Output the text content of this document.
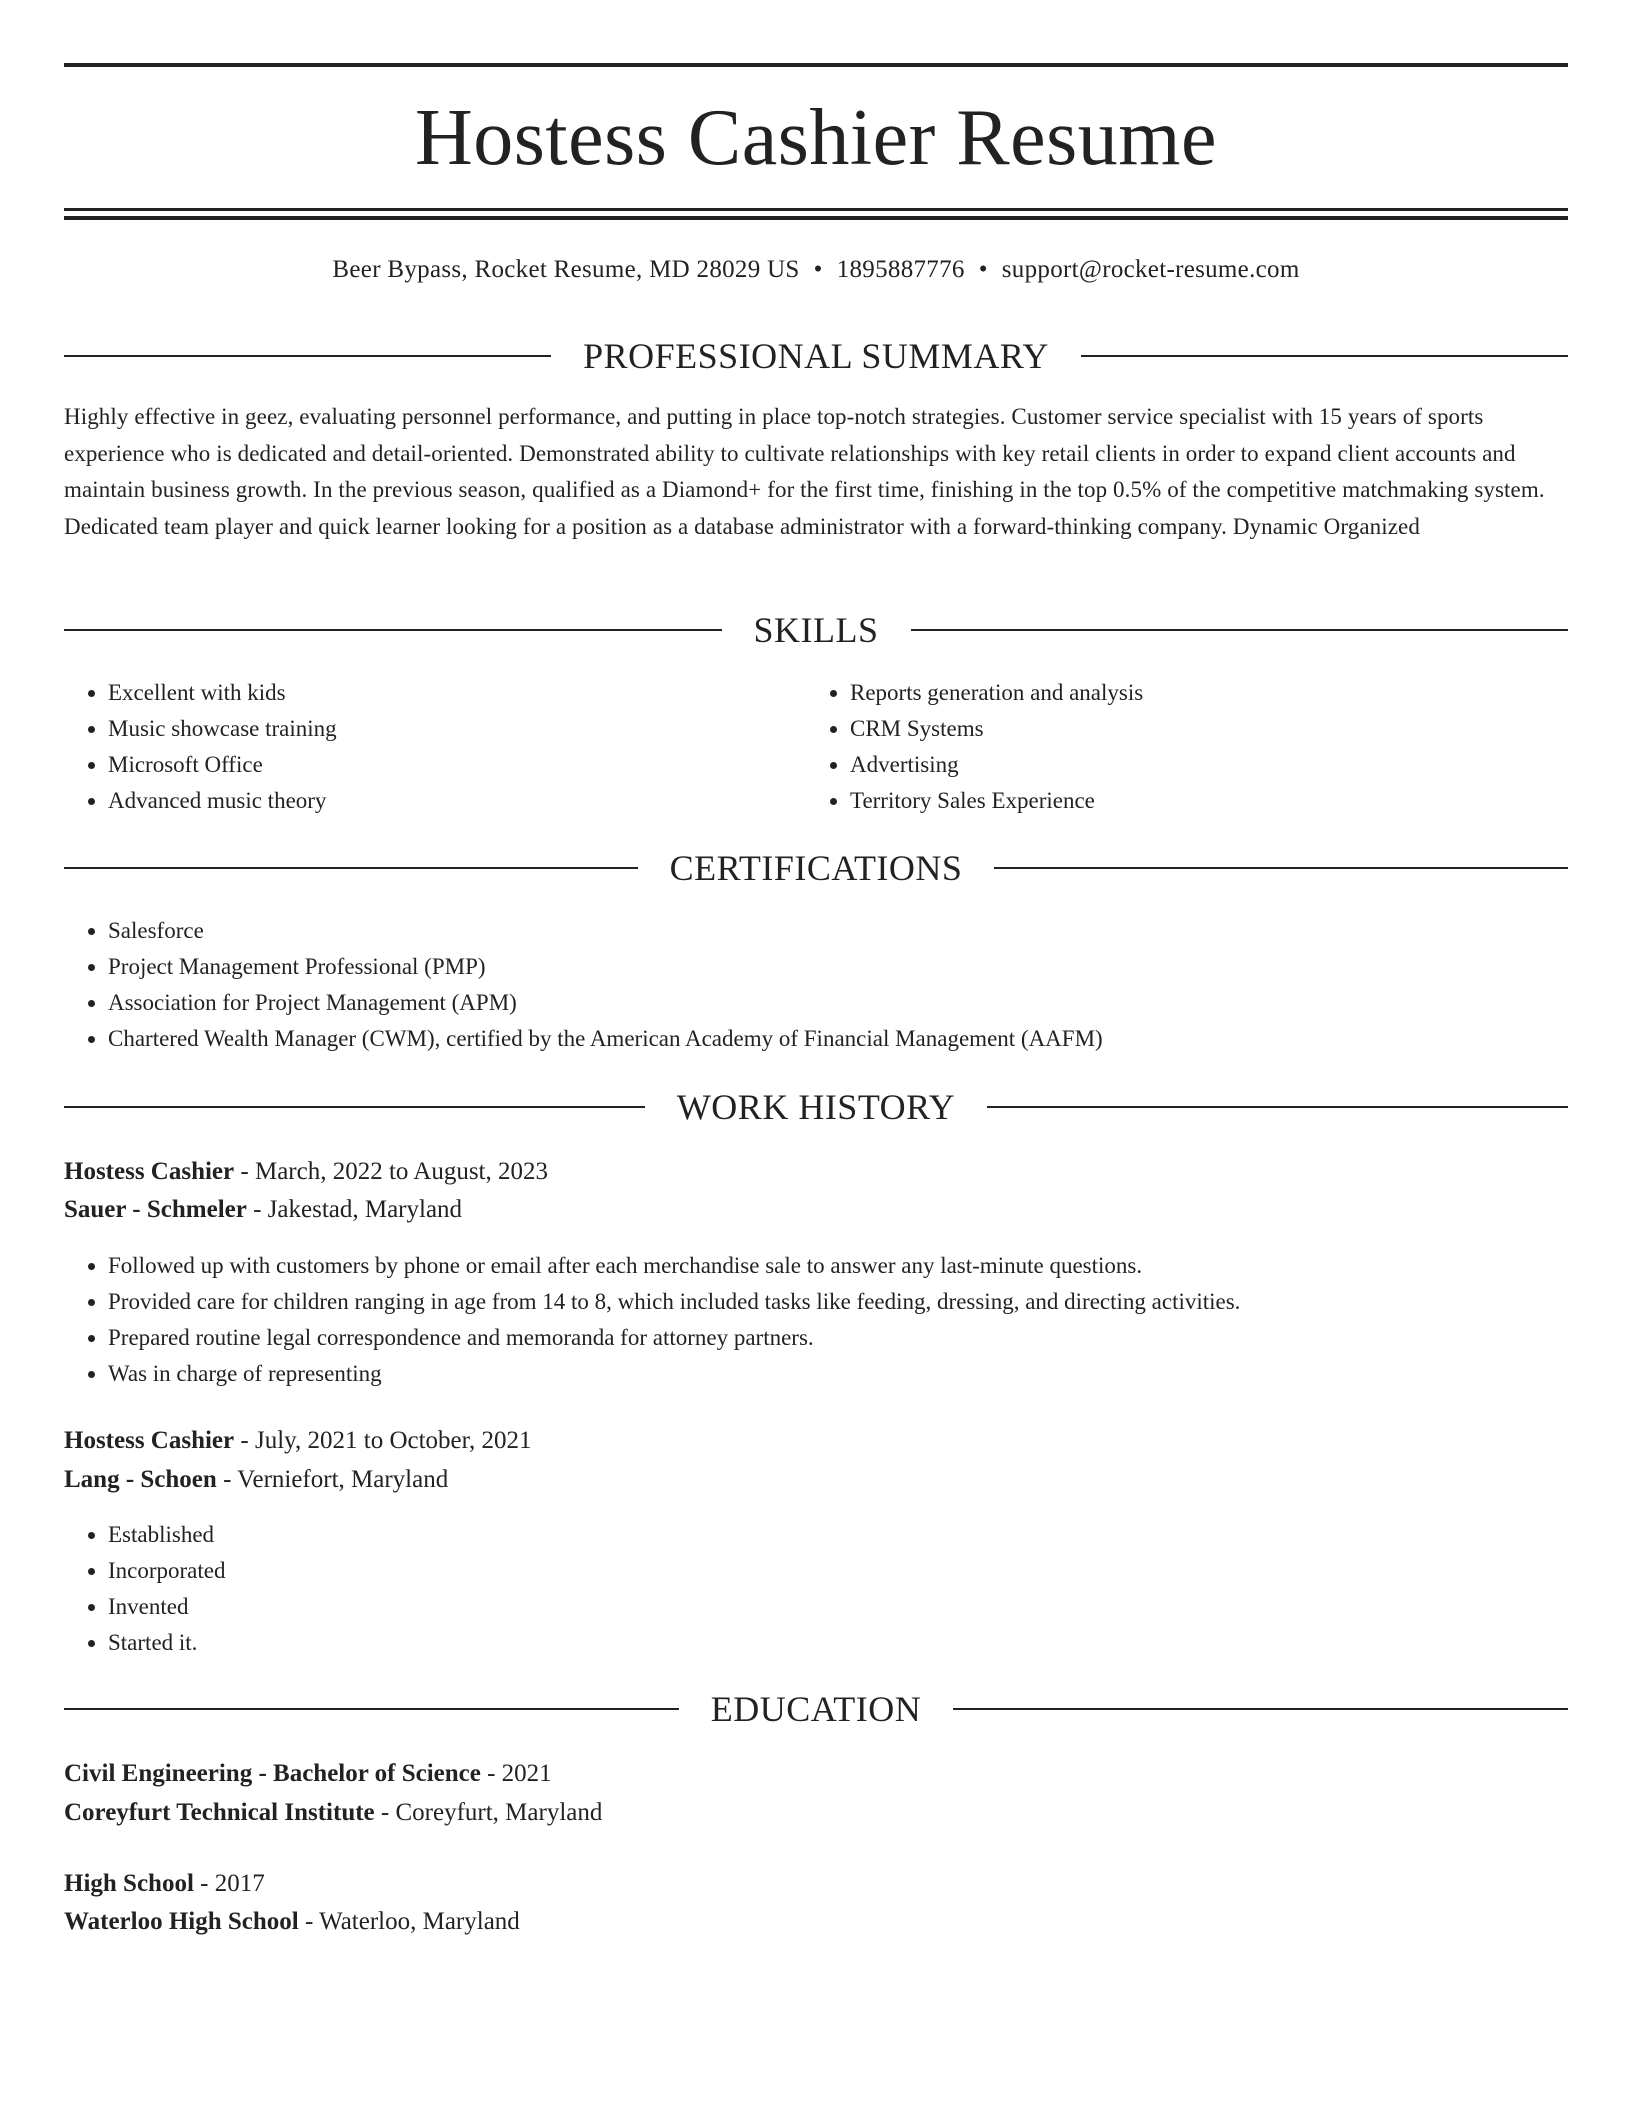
Hostess Cashier Resume
Beer Bypass, Rocket Resume, MD 28029 US • 1895887776 • support@rocket-resume.com
PROFESSIONAL SUMMARY

Highly effective in geez, evaluating personnel performance, and putting in place top-notch strategies. Customer service specialist with 15 years of sports experience who is dedicated and detail-oriented. Demonstrated ability to cultivate relationships with key retail clients in order to expand client accounts and maintain business growth. In the previous season, qualified as a Diamond+ for the first time, finishing in the top 0.5% of the competitive matchmaking system. Dedicated team player and quick learner looking for a position as a database administrator with a forward-thinking company. Dynamic Organized

SKILLS
• Excellent with kids
• Music showcase training
• Microsoft Office
• Advanced music theory
• Reports generation and analysis
• CRM Systems
• Advertising
• Territory Sales Experience
CERTIFICATIONS
• Salesforce
• Project Management Professional (PMP)
• Association for Project Management (APM)
• Chartered Wealth Manager (CWM), certified by the American Academy of Financial Management (AAFM)
WORK HISTORY
Hostess Cashier - March, 2022 to August, 2023
Sauer - Schmeler - Jakestad, Maryland
• Followed up with customers by phone or email after each merchandise sale to answer any last-minute questions.
• Provided care for children ranging in age from 14 to 8, which included tasks like feeding, dressing, and directing activities.
• Prepared routine legal correspondence and memoranda for attorney partners.
• Was in charge of representing
Hostess Cashier - July, 2021 to October, 2021
Lang - Schoen - Verniefort, Maryland
• Established
• Incorporated
• Invented
• Started it.
EDUCATION
Civil Engineering - Bachelor of Science - 2021
Coreyfurt Technical Institute - Coreyfurt, Maryland
High School - 2017
Waterloo High School - Waterloo, Maryland
